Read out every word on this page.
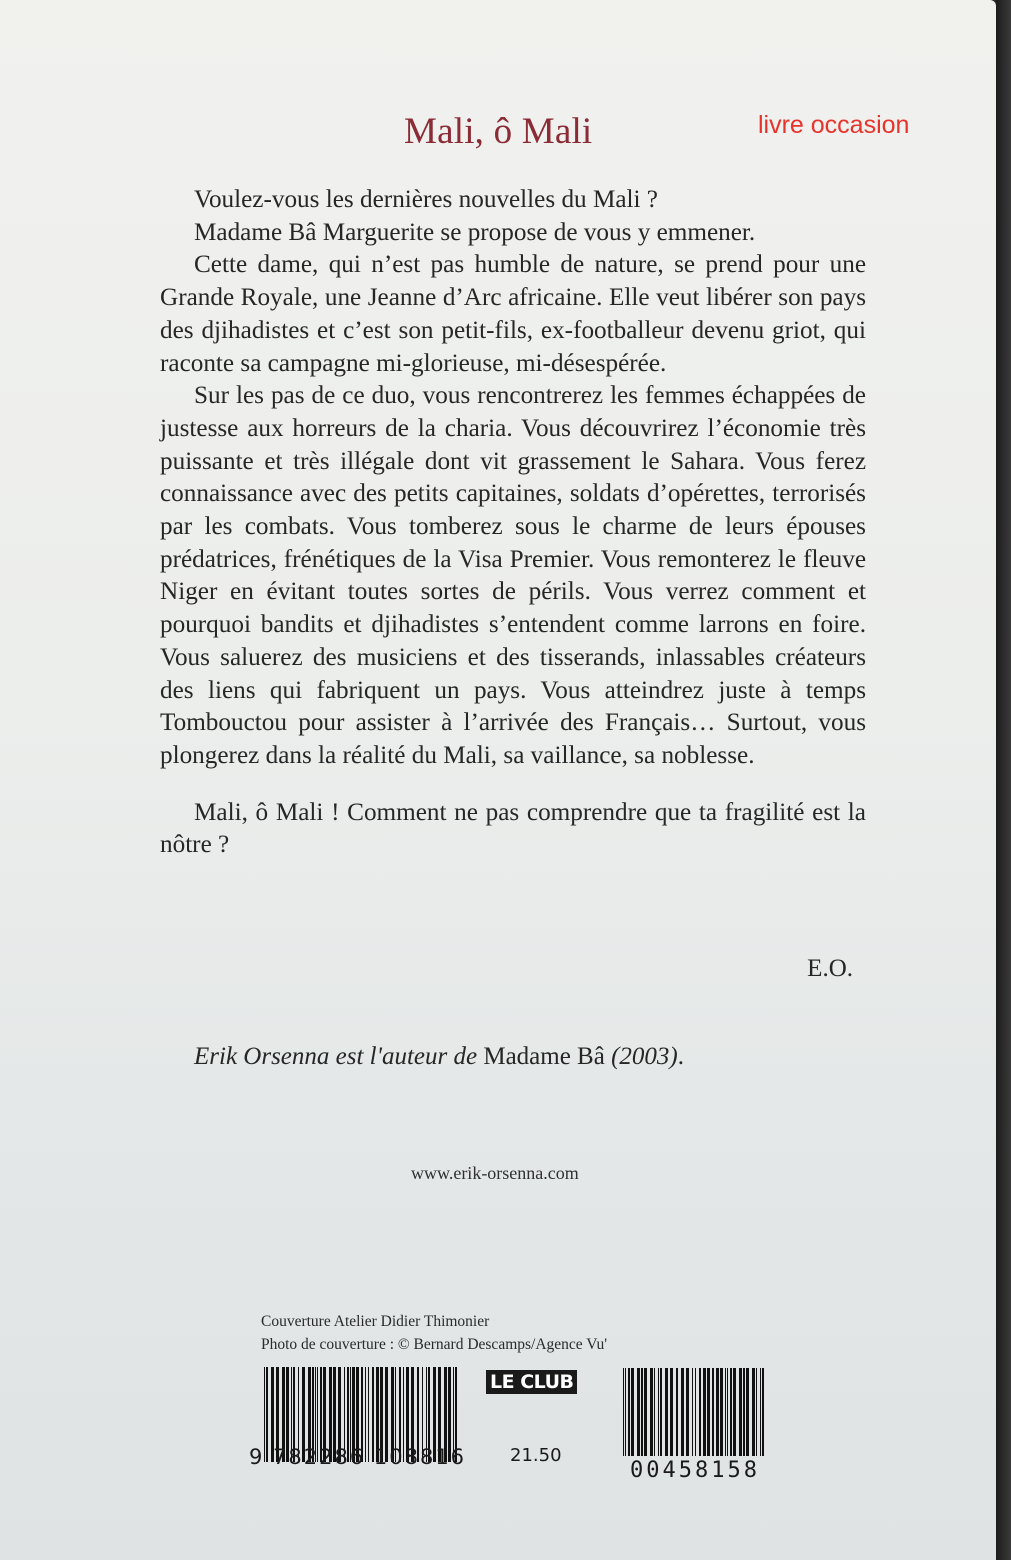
Mali, ô Mali	livre occasion

Voulez-vous les dernières nouvelles du Mali ?

Madame Bâ Marguerite se propose de vous y emmener.

Cette dame, qui n’est pas humble de nature, se prend pour une Grande Royale, une Jeanne d’Arc africaine. Elle veut libérer son pays des djihadistes et c’est son petit-fils, ex-footballeur devenu griot, qui raconte sa campagne mi-glorieuse, mi-désespérée.

Sur les pas de ce duo, vous rencontrerez les femmes échappées de justesse aux horreurs de la charia. Vous découvrirez l’économie très puissante et très illégale dont vit grassement le Sahara. Vous ferez connaissance avec des petits capitaines, soldats d’opérettes, terrorisés par les combats. Vous tomberez sous le charme de leurs épouses prédatrices, frénétiques de la Visa Premier. Vous remonterez le fleuve Niger en évitant toutes sortes de périls. Vous verrez comment et pourquoi bandits et djihadistes s’entendent comme larrons en foire. Vous saluerez des musiciens et des tisserands, inlassables créateurs des liens qui fabriquent un pays. Vous atteindrez juste à temps Tombouctou pour assister à l’arrivée des Français… Surtout, vous plongerez dans la réalité du Mali, sa vaillance, sa noblesse.

Mali, ô Mali ! Comment ne pas comprendre que ta fragilité est la nôtre ?

E.O.
Erik Orsenna est l'auteur de Madame Bâ (2003).
www.erik-orsenna.com
Couverture Atelier Didier Thimonier
Photo de couverture : © Bernard Descamps/Agence Vu'
9 782286 108816
LE CLUB
21.50
00458158
